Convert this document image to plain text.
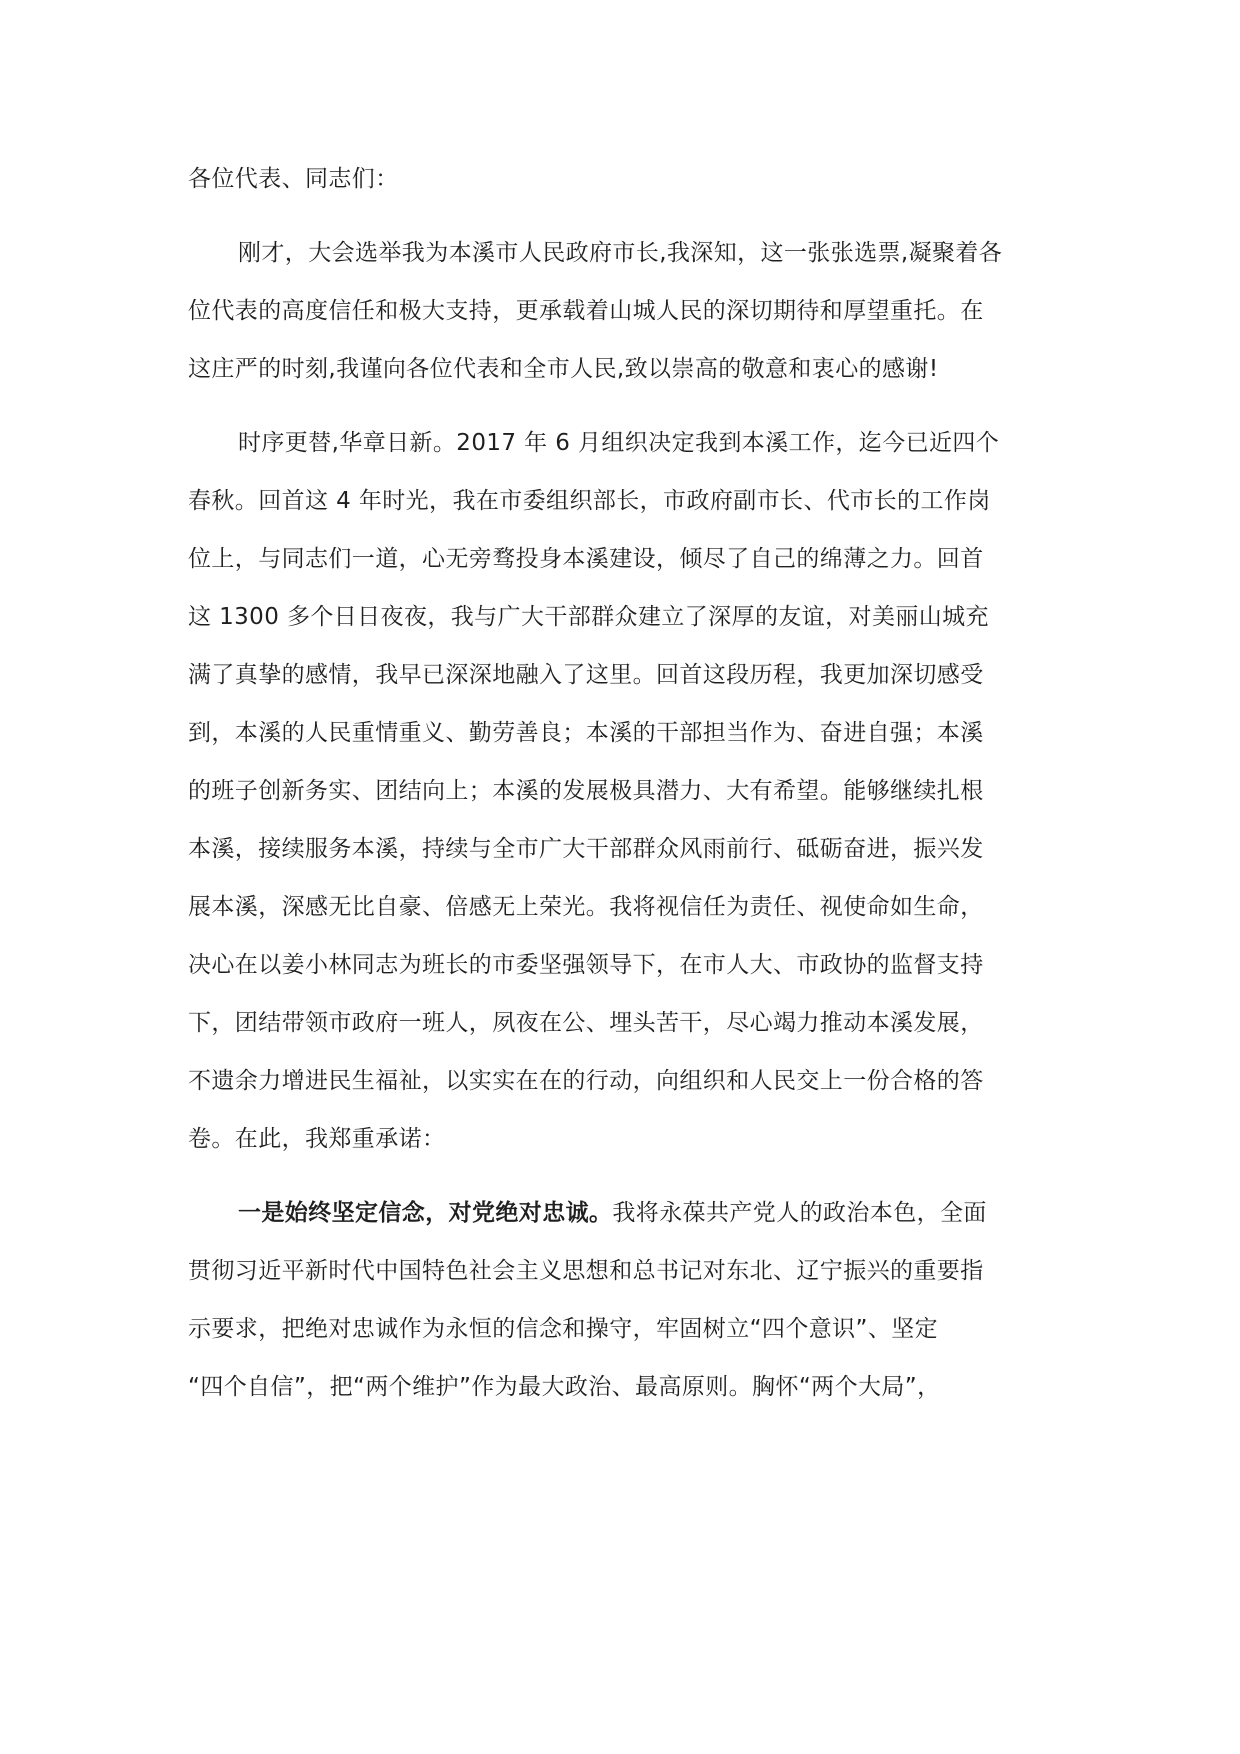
各位代表、同志们：
刚才，大会选举我为本溪市人民政府市长,我深知，这一张张选票,凝聚着各
位代表的高度信任和极大支持，更承载着山城人民的深切期待和厚望重托。在
这庄严的时刻,我谨向各位代表和全市人民,致以崇高的敬意和衷心的感谢!
时序更替,华章日新。2017 年 6 月组织决定我到本溪工作，迄今已近四个
春秋。回首这 4 年时光，我在市委组织部长，市政府副市长、代市长的工作岗
位上，与同志们一道，心无旁骛投身本溪建设，倾尽了自己的绵薄之力。回首
这 1300 多个日日夜夜，我与广大干部群众建立了深厚的友谊，对美丽山城充
满了真挚的感情，我早已深深地融入了这里。回首这段历程，我更加深切感受
到，本溪的人民重情重义、勤劳善良；本溪的干部担当作为、奋进自强；本溪
的班子创新务实、团结向上；本溪的发展极具潜力、大有希望。能够继续扎根
本溪，接续服务本溪，持续与全市广大干部群众风雨前行、砥砺奋进，振兴发
展本溪，深感无比自豪、倍感无上荣光。我将视信任为责任、视使命如生命，
决心在以姜小林同志为班长的市委坚强领导下，在市人大、市政协的监督支持
下，团结带领市政府一班人，夙夜在公、埋头苦干，尽心竭力推动本溪发展，
不遗余力增进民生福祉，以实实在在的行动，向组织和人民交上一份合格的答
卷。在此，我郑重承诺：
一是始终坚定信念，对党绝对忠诚。我将永葆共产党人的政治本色，全面
贯彻习近平新时代中国特色社会主义思想和总书记对东北、辽宁振兴的重要指
示要求，把绝对忠诚作为永恒的信念和操守，牢固树立“四个意识”、坚定
“四个自信”，把“两个维护”作为最大政治、最高原则。胸怀“两个大局”，
